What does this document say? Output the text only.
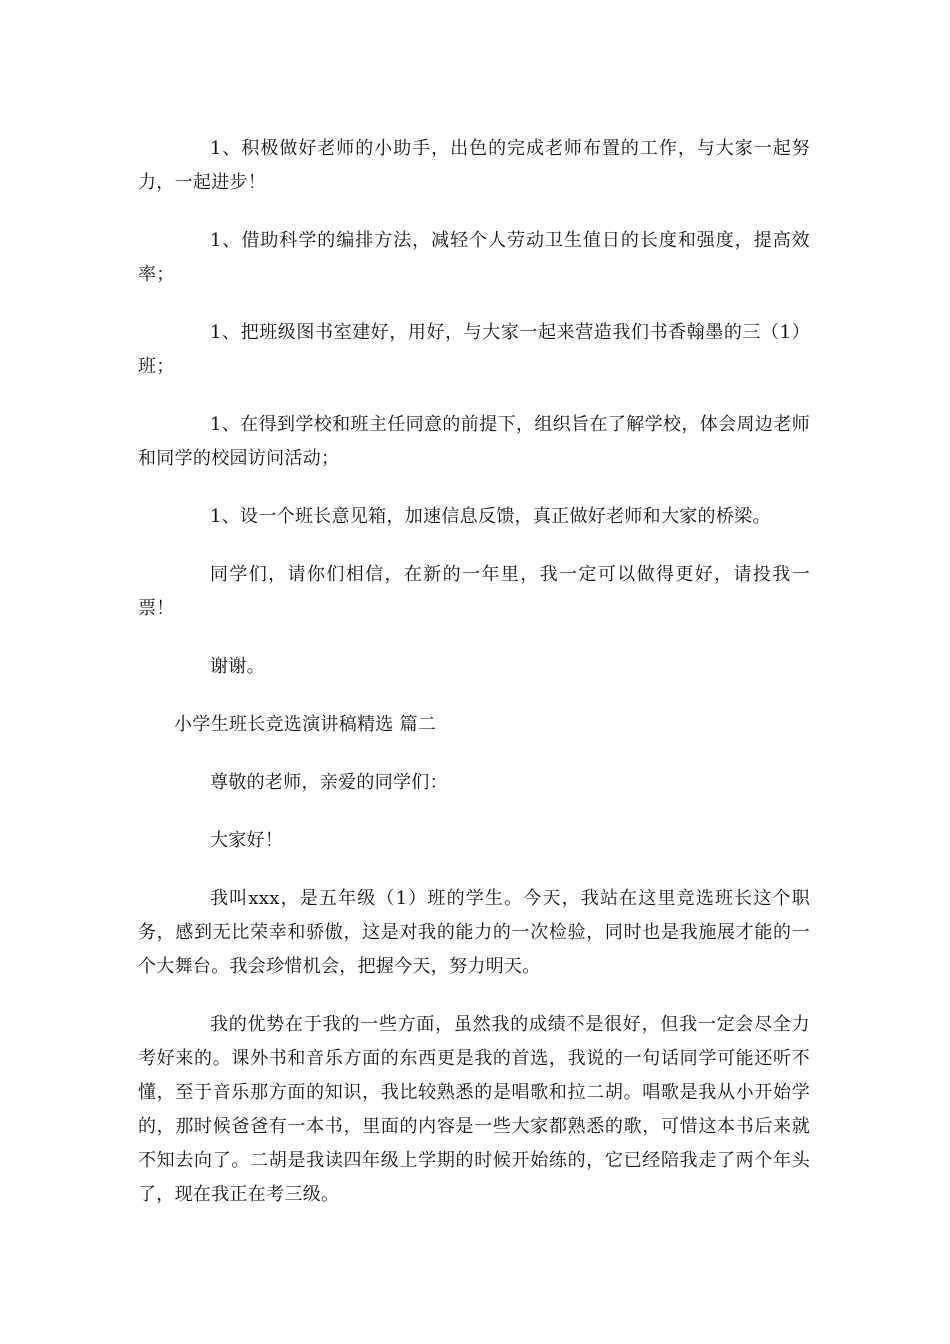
1、积极做好老师的小助手，出色的完成老师布置的工作，与大家一起努力，一起进步！

1、借助科学的编排方法，减轻个人劳动卫生值日的长度和强度，提高效率；

1、把班级图书室建好，用好，与大家一起来营造我们书香翰墨的三（1）班；

1、在得到学校和班主任同意的前提下，组织旨在了解学校，体会周边老师和同学的校园访问活动；

1、设一个班长意见箱，加速信息反馈，真正做好老师和大家的桥梁。

同学们，请你们相信，在新的一年里，我一定可以做得更好，请投我一票！

谢谢。

小学生班长竞选演讲稿精选 篇二

尊敬的老师，亲爱的同学们：

大家好！

我叫xxx，是五年级（1）班的学生。今天，我站在这里竞选班长这个职务，感到无比荣幸和骄傲，这是对我的能力的一次检验，同时也是我施展才能的一个大舞台。我会珍惜机会，把握今天，努力明天。

我的优势在于我的一些方面，虽然我的成绩不是很好，但我一定会尽全力考好来的。课外书和音乐方面的东西更是我的首选，我说的一句话同学可能还听不懂，至于音乐那方面的知识，我比较熟悉的是唱歌和拉二胡。唱歌是我从小开始学的，那时候爸爸有一本书，里面的内容是一些大家都熟悉的歌，可惜这本书后来就不知去向了。二胡是我读四年级上学期的时候开始练的，它已经陪我走了两个年头了，现在我正在考三级。
